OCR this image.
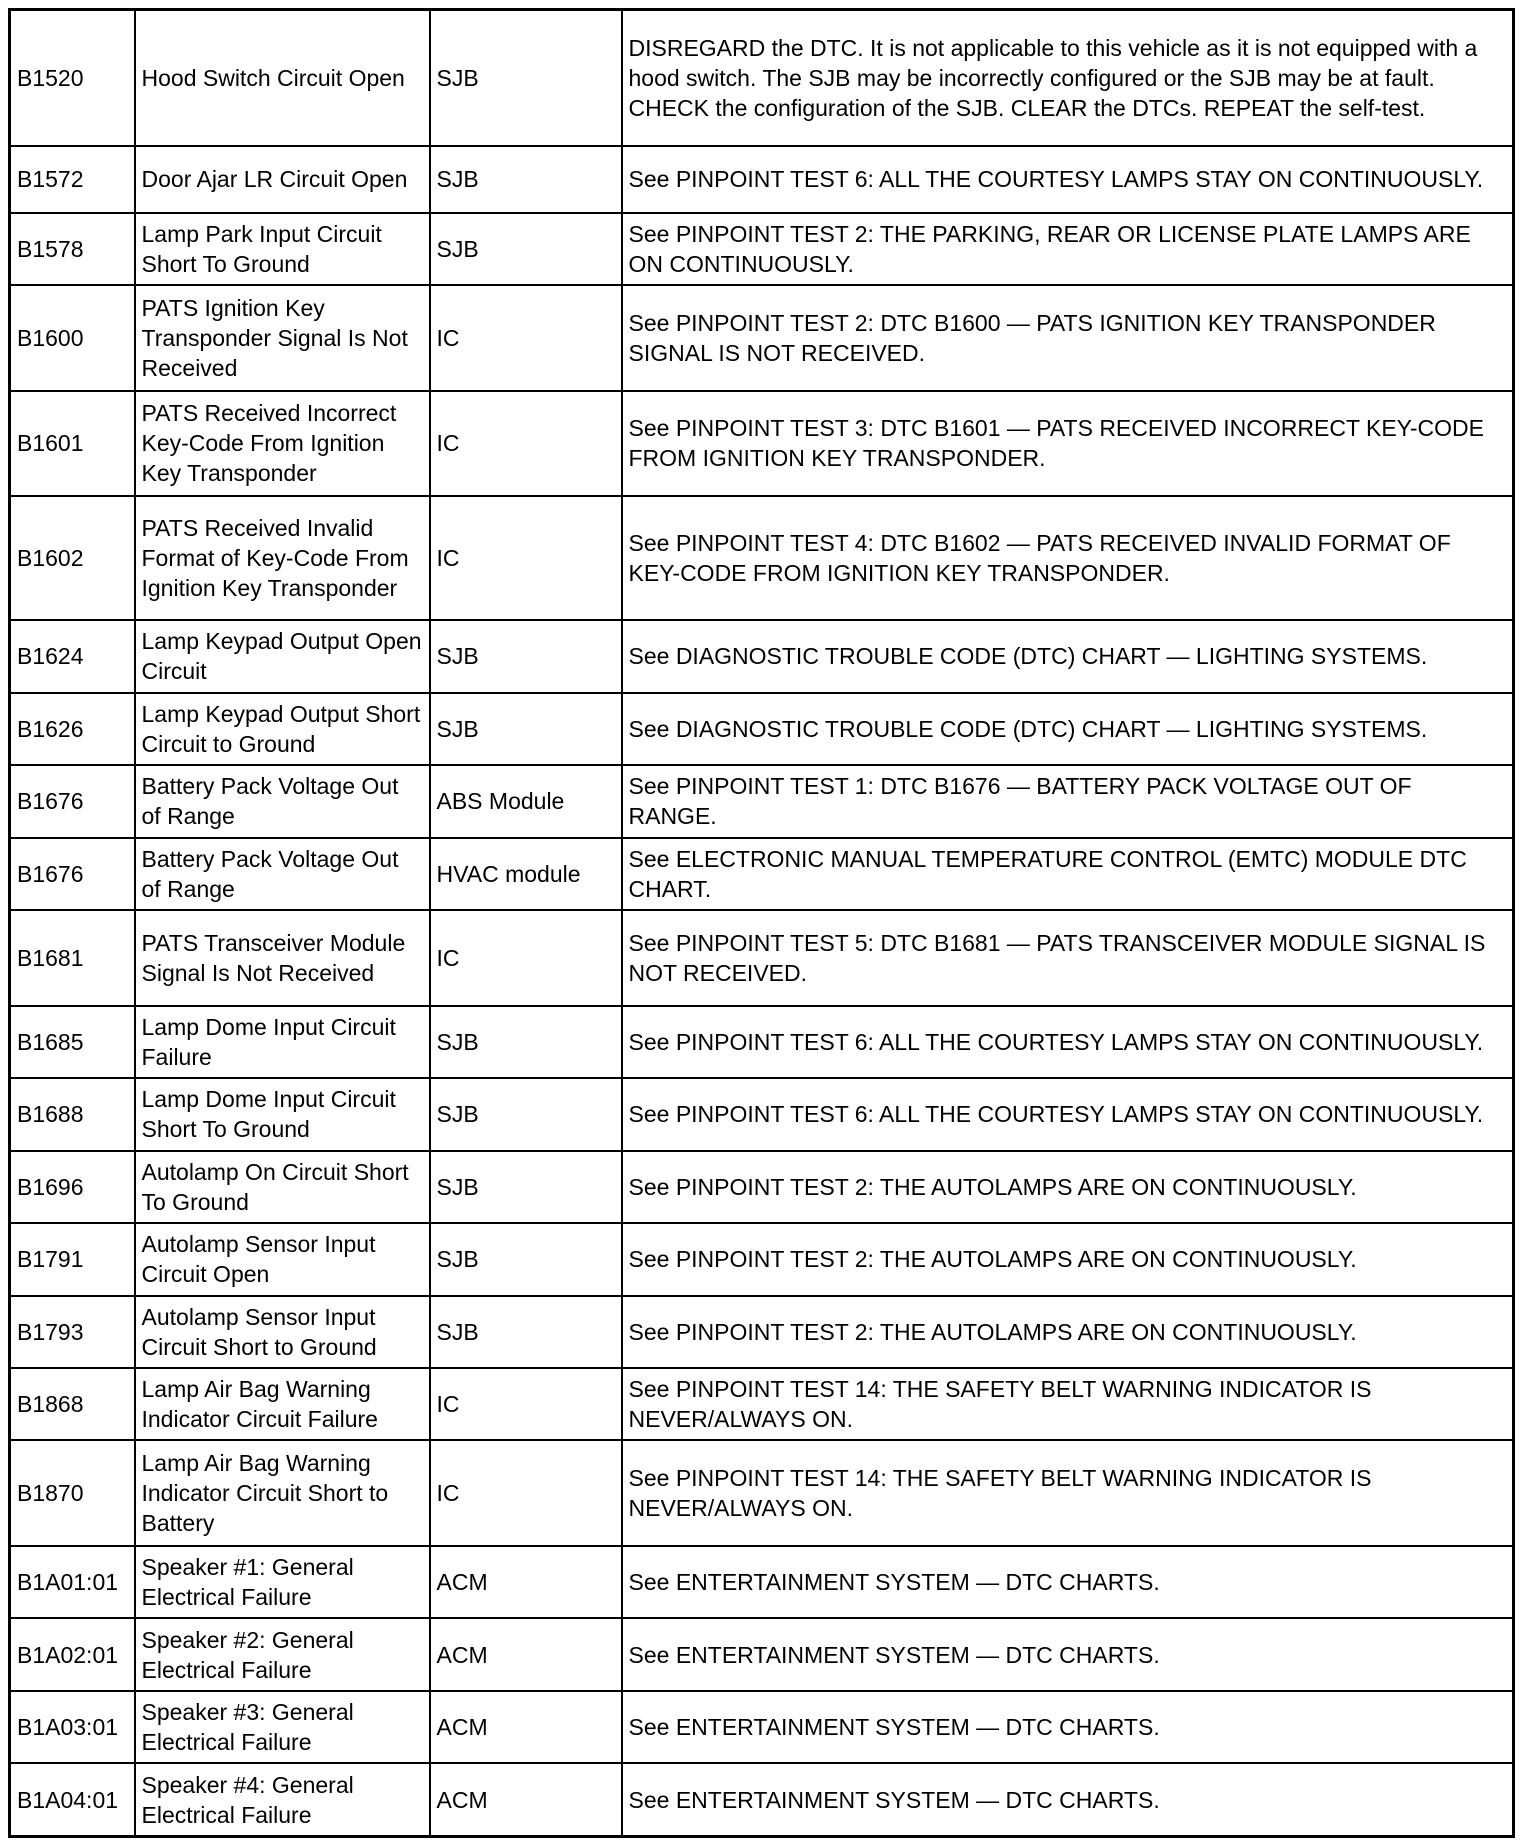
B1520	Hood Switch Circuit Open	SJB	DISREGARD the DTC. It is not applicable to this vehicle as it is not equipped with a hood switch. The SJB may be incorrectly configured or the SJB may be at fault. CHECK the configuration of the SJB. CLEAR the DTCs. REPEAT the self-test.
B1572	Door Ajar LR Circuit Open	SJB	See PINPOINT TEST 6: ALL THE COURTESY LAMPS STAY ON CONTINUOUSLY.
B1578	Lamp Park Input Circuit Short To Ground	SJB	See PINPOINT TEST 2: THE PARKING, REAR OR LICENSE PLATE LAMPS ARE ON CONTINUOUSLY.
B1600	PATS Ignition Key Transponder Signal Is Not Received	IC	See PINPOINT TEST 2: DTC B1600 — PATS IGNITION KEY TRANSPONDER SIGNAL IS NOT RECEIVED.
B1601	PATS Received Incorrect Key-Code From Ignition Key Transponder	IC	See PINPOINT TEST 3: DTC B1601 — PATS RECEIVED INCORRECT KEY-CODE FROM IGNITION KEY TRANSPONDER.
B1602	PATS Received Invalid Format of Key-Code From Ignition Key Transponder	IC	See PINPOINT TEST 4: DTC B1602 — PATS RECEIVED INVALID FORMAT OF KEY-CODE FROM IGNITION KEY TRANSPONDER.
B1624	Lamp Keypad Output Open Circuit	SJB	See DIAGNOSTIC TROUBLE CODE (DTC) CHART — LIGHTING SYSTEMS.
B1626	Lamp Keypad Output Short Circuit to Ground	SJB	See DIAGNOSTIC TROUBLE CODE (DTC) CHART — LIGHTING SYSTEMS.
B1676	Battery Pack Voltage Out of Range	ABS Module	See PINPOINT TEST 1: DTC B1676 — BATTERY PACK VOLTAGE OUT OF RANGE.
B1676	Battery Pack Voltage Out of Range	HVAC module	See ELECTRONIC MANUAL TEMPERATURE CONTROL (EMTC) MODULE DTC CHART.
B1681	PATS Transceiver Module Signal Is Not Received	IC	See PINPOINT TEST 5: DTC B1681 — PATS TRANSCEIVER MODULE SIGNAL IS NOT RECEIVED.
B1685	Lamp Dome Input Circuit Failure	SJB	See PINPOINT TEST 6: ALL THE COURTESY LAMPS STAY ON CONTINUOUSLY.
B1688	Lamp Dome Input Circuit Short To Ground	SJB	See PINPOINT TEST 6: ALL THE COURTESY LAMPS STAY ON CONTINUOUSLY.
B1696	Autolamp On Circuit Short To Ground	SJB	See PINPOINT TEST 2: THE AUTOLAMPS ARE ON CONTINUOUSLY.
B1791	Autolamp Sensor Input Circuit Open	SJB	See PINPOINT TEST 2: THE AUTOLAMPS ARE ON CONTINUOUSLY.
B1793	Autolamp Sensor Input Circuit Short to Ground	SJB	See PINPOINT TEST 2: THE AUTOLAMPS ARE ON CONTINUOUSLY.
B1868	Lamp Air Bag Warning Indicator Circuit Failure	IC	See PINPOINT TEST 14: THE SAFETY BELT WARNING INDICATOR IS NEVER/ALWAYS ON.
B1870	Lamp Air Bag Warning Indicator Circuit Short to Battery	IC	See PINPOINT TEST 14: THE SAFETY BELT WARNING INDICATOR IS NEVER/ALWAYS ON.
B1A01:01	Speaker #1: General Electrical Failure	ACM	See ENTERTAINMENT SYSTEM — DTC CHARTS.
B1A02:01	Speaker #2: General Electrical Failure	ACM	See ENTERTAINMENT SYSTEM — DTC CHARTS.
B1A03:01	Speaker #3: General Electrical Failure	ACM	See ENTERTAINMENT SYSTEM — DTC CHARTS.
B1A04:01	Speaker #4: General Electrical Failure	ACM	See ENTERTAINMENT SYSTEM — DTC CHARTS.
